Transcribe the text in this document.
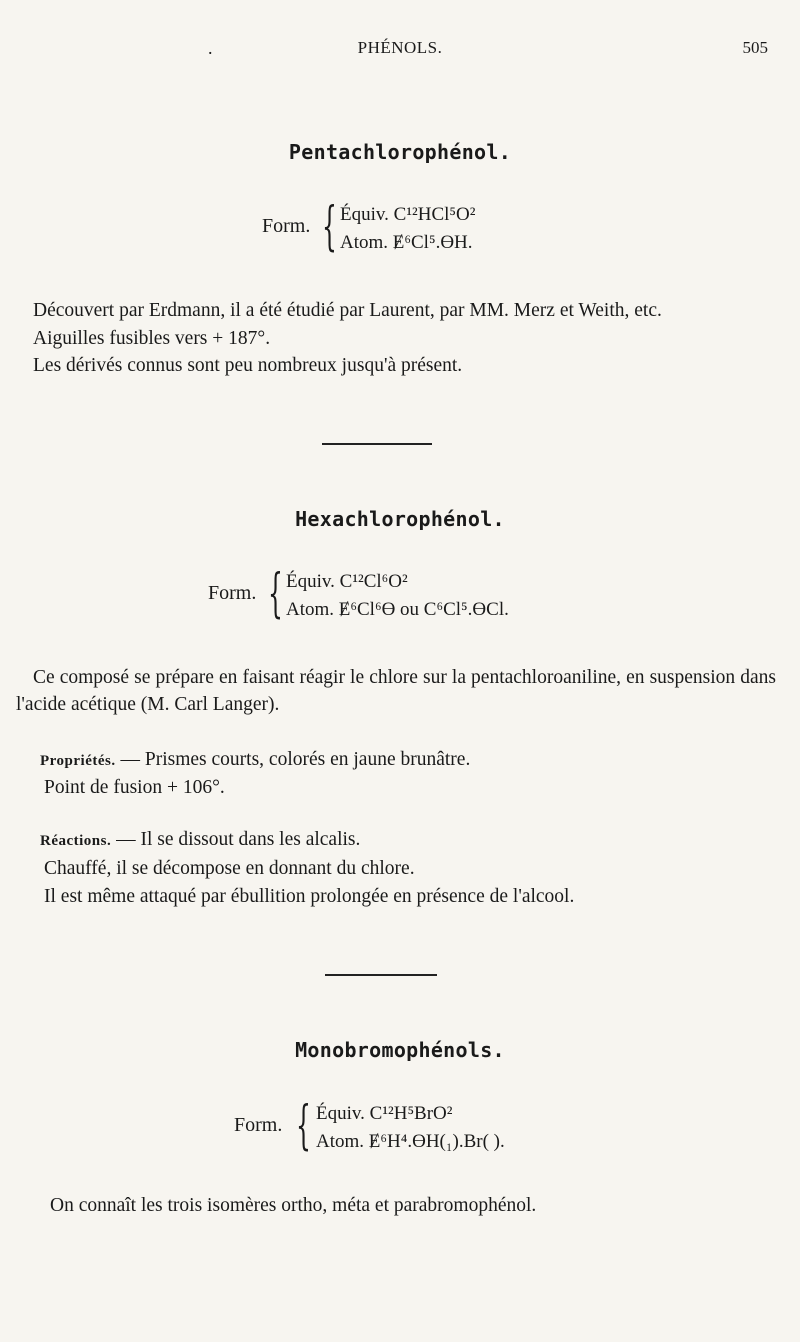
.	PHÉNOLS.	505
Pentachlorophénol.
Form. { Équiv. C¹²HCl⁵O²
Atom. Ɇ⁶Cl⁵.ƟH.
Découvert par Erdmann, il a été étudié par Laurent, par MM. Merz et Weith, etc.
Aiguilles fusibles vers + 187°.
Les dérivés connus sont peu nombreux jusqu'à présent.
Hexachlorophénol.
Form. { Équiv. C¹²Cl⁶O²
Atom. Ɇ⁶Cl⁶Ɵ ou C⁶Cl⁵.ƟCl.
Ce composé se prépare en faisant réagir le chlore sur la pentachloroaniline, en suspension dans l'acide acétique (M. Carl Langer).
Propriétés. — Prismes courts, colorés en jaune brunâtre.
Point de fusion + 106°.
Réactions. — Il se dissout dans les alcalis.
Chauffé, il se décompose en donnant du chlore.
Il est même attaqué par ébullition prolongée en présence de l'alcool.
Monobromophénols.
Form. { Équiv. C¹²H⁵BrO²
Atom. Ɇ⁶H⁴.ƟH(₁).Br( ).
On connaît les trois isomères ortho, méta et parabromophénol.
